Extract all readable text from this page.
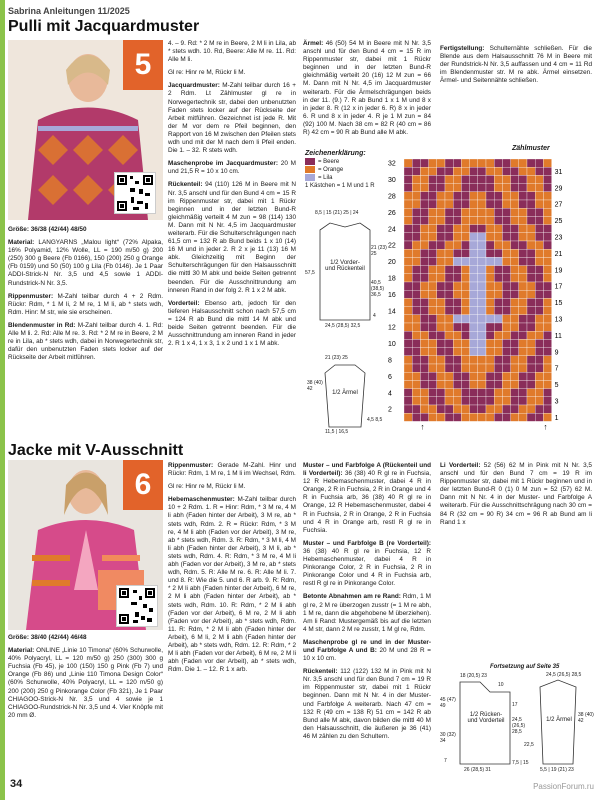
Sabrina Anleitungen 11/2025
Pulli mit Jacquardmuster
5

Größe: 36/38 (42/44) 48/50

Material: LANGYARNS „Malou light“ (72% Alpaka, 16% Polyamid, 12% Wolle, LL = 190 m/50 g) 200 (250) 300 g Beere (Fb 0166), 150 (200) 250 g Orange (Fb 0159) und 50 (50) 100 g Lila (Fb 0146). Je 1 Paar ADDI-Strick-N Nr. 3,5 und 4,5 sowie 1 ADDI-Rundstrick-N Nr. 3,5.

Rippenmuster: M-Zahl teilbar durch 4 + 2 Rdm. Rückr: Rdm, * 1 M li, 2 M re, 1 M li, ab * stets wdh, Rdm. Hinr: M str, wie sie erscheinen.

Blendenmuster in Rd: M-Zahl teilbar durch 4. 1. Rd: Alle M li. 2. Rd: Alle M re. 3. Rd: * 2 M re in Beere, 2 M re in Lila, ab * stets wdh, dabei in Norwegertechnik str, dafür den unbenutzten Faden stets locker auf der Rückseite der Arbeit mitführen.

4. – 9. Rd: * 2 M re in Beere, 2 M li in Lila, ab * stets wdh. 10. Rd, Beere: Alle M re. 11. Rd: Alle M li.

Gl re: Hinr re M, Rückr li M.

Jacquardmuster: M-Zahl teilbar durch 16 + 2 Rdm. Lt Zählmuster gl re in Norwegertechnik str, dabei den unbenutzten Faden stets locker auf der Rückseite der Arbeit mitführen. Gezeichnet ist jede R. Mit der M vor dem re Pfeil beginnen, den Rapport von 16 M zwischen den Pfeilen stets wdh und mit der M nach dem li Pfeil enden. Die 1. – 32. R stets wdh.

Maschenprobe im Jacquardmuster: 20 M und 21,5 R = 10 x 10 cm.

Rückenteil: 94 (110) 126 M in Beere mit N Nr. 3,5 anschl und für den Bund 4 cm = 15 R im Rippenmuster str, dabei mit 1 Rückr beginnen und in der letzten Bund-R gleichmäßig verteilt 4 M zun = 98 (114) 130 M. Dann mit N Nr. 4,5 im Jacquardmuster weiterarb. Für die Schulterschrägungen nach 61,5 cm = 132 R ab Bund beids 1 x 10 (14) 16 M und in jeder 2. R 2 x je 11 (13) 16 M abk. Gleichzeitig mit Beginn der Schulterschrägungen für den Halsausschnitt die mittl 30 M abk und beide Seiten getrennt beenden. Für die Ausschnittrundung am inneren Rand in der folg 2. R 1 x 2 M abk.

Vorderteil: Ebenso arb, jedoch für den tieferen Halsausschnitt schon nach 57,5 cm = 124 R ab Bund die mittl 14 M abk und beide Seiten getrennt beenden. Für die Ausschnittrundung am inneren Rand in jeder 2. R 1 x 4, 1 x 3, 1 x 2 und 1 x 1 M abk.

Ärmel: 46 (50) 54 M in Beere mit N Nr. 3,5 anschl und für den Bund 4 cm = 15 R im Rippenmuster str, dabei mit 1 Rückr beginnen und in der letzten Bund-R gleichmäßig verteilt 20 (16) 12 M zun = 66 M. Dann mit N Nr. 4,5 im Jacquardmuster weiterarb. Für die Ärmelschrägungen beids in der 11. (9.) 7. R ab Bund 1 x 1 M und 8 x in jeder 8. R (12 x in jeder 6. R) 8 x in jeder 6. R und 8 x in jeder 4. R je 1 M zun = 84 (92) 100 M. Nach 38 cm = 82 R (40 cm = 86 R) 42 cm = 90 R ab Bund alle M abk.

Fertigstellung: Schulternähte schließen. Für die Blende aus dem Halsausschnitt 76 M in Beere mit der Rundstrick-N Nr. 3,5 auffassen und 4 cm = 11 Rd im Blendenmuster str. M re abk. Ärmel einsetzen. Ärmel- und Seitennähte schließen.

Zeichenerklärung:
= Beere
= Orange
= Lila
1 Kästchen = 1 M und 1 R
1/2 Vorder- und Rückenteil
1/2 Ärmel
8,5 | 15 (21) 25 | 24
57,5
40,5 (38,5) 36,5
21 (23) 25
24,5 (28,5) 32,5
4
21 (23) 25
38 (40) 42
11,5 | 16,5
4,5 8,5
Zählmuster
1
2
3
4
5
6
7
8
9
10
11
12
13
14
15
16
17
18
19
20
21
22
23
24
25
26
27
28
29
30
31
32
↑	↑
Jacke mit V-Ausschnitt
6

Größe: 38/40 (42/44) 46/48

Material: ONLINE „Linie 10 Timona“ (60% Schurwolle, 40% Polyacryl, LL = 120 m/50 g) 250 (300) 300 g Fuchsia (Fb 45), je 100 (150) 150 g Pink (Fb 7) und Orange (Fb 86) und „Linie 110 Timona Design Color“ (60% Schurwolle, 40% Polyacryl, LL = 120 m/50 g) 200 (200) 250 g Pinkorange Color (Fb 321), Je 1 Paar CHIAGOO-Strick-N Nr. 3,5 und 4 sowie je 1 CHIAGOO-Rundstrick-N Nr. 3,5 und 4. Vier Knöpfe mit 20 mm Ø.

Rippenmuster: Gerade M-Zahl. Hinr und Rückr: Rdm, 1 M re, 1 M li im Wechsel, Rdm.

Gl re: Hinr re M, Rückr li M.

Hebemaschenmuster: M-Zahl teilbar durch 10 + 2 Rdm. 1. R = Hinr: Rdm, * 3 M re, 4 M li abh (Faden hinter der Arbeit), 3 M re, ab * stets wdh, Rdm. 2. R = Rückr: Rdm, * 3 M re, 4 M li abh (Faden vor der Arbeit), 3 M re, ab * stets wdh, Rdm. 3. R: Rdm, * 3 M li, 4 M li abh (Faden hinter der Arbeit), 3 M li, ab * stets wdh, Rdm. 4. R: Rdm, * 3 M re, 4 M li abh (Faden vor der Arbeit), 3 M re, ab * stets wdh, Rdm. 5. R: Alle M re. 6. R: Alle M li. 7. und 8. R: Wie die 5. und 6. R arb. 9. R: Rdm, * 2 M li abh (Faden hinter der Arbeit), 6 M re, 2 M li abh (Faden hinter der Arbeit), ab * stets wdh, Rdm. 10. R: Rdm, * 2 M li abh (Faden vor der Arbeit), 6 M re, 2 M li abh (Faden vor der Arbeit), ab * stets wdh, Rdm. 11. R: Rdm, * 2 M li abh (Faden hinter der Arbeit), 6 M li, 2 M li abh (Faden hinter der Arbeit), ab * stets wdh, Rdm. 12. R: Rdm, * 2 M li abh (Faden vor der Arbeit), 6 M re, 2 M li abh (Faden vor der Arbeit), ab * stets wdh, Rdm. Die 1. – 12. R 1 x arb.

Muster – und Farbfolge A (Rückenteil und li Vorderteil): 36 (38) 40 R gl re in Fuchsia, 12 R Hebemaschenmuster, dabei 4 R in Orange, 2 R in Fuchsia, 2 R in Orange und 4 R in Fuchsia arb, 36 (38) 40 R gl re in Orange, 12 R Hebemaschenmuster, dabei 4 R in Fuchsia, 2 R in Orange, 2 R in Fuchsia und 4 R in Orange arb, restl R gl re in Fuchsia.

Muster – und Farbfolge B (re Vorderteil): 36 (38) 40 R gl re in Fuchsia, 12 R Hebemaschenmuster, dabei 4 R in Pinkorange Color, 2 R in Fuchsia, 2 R in Pinkorange Color und 4 R in Fuchsia arb, restl R gl re in Pinkorange Color.

Betonte Abnahmen am re Rand: Rdm, 1 M gl re, 2 M re überzogen zusstr (= 1 M re abh, 1 M re, dann die abgehobene M überziehen). Am li Rand: Mustergemäß bis auf die letzten 4 M str, dann 2 M re zusstr, 1 M gl re, Rdm.

Maschenprobe gl re und in der Muster- und Farbfolge A und B: 20 M und 28 R = 10 x 10 cm.

Rückenteil: 112 (122) 132 M in Pink mit N Nr. 3,5 anschl und für den Bund 7 cm = 19 R im Rippenmuster str, dabei mit 1 Rückr beginnen. Dann mit N Nr. 4 in der Muster- und Farbfolge A weiterarb. Nach 47 cm = 132 R (49 cm = 138 R) 51 cm = 142 R ab Bund alle M abk, davon bilden die mittl 40 M den Halsausschnitt, die äußeren je 36 (41) 46 M zählen zu den Schultern.

Li Vorderteil: 52 (56) 62 M in Pink mit N Nr. 3,5 anschl und für den Bund 7 cm = 19 R im Rippenmuster str, dabei mit 1 Rückr beginnen und in der letzten Bund-R 0 (1) 0 M zun = 52 (57) 62 M. Dann mit N Nr. 4 in der Muster- und Farbfolge A weiterarb. Für die Ausschnittschrägung nach 30 cm = 84 R (32 cm = 90 R) 34 cm = 96 R ab Bund am li Rand 1 x

Fortsetzung auf Seite 35
1/2 Rücken- und Vorderteil	1/2 Ärmel
18 (20,5) 23
10
45 (47) 49	17
24,5 (26,5) 28,5
30 (32) 34
7
26 (28,5) 31
24,5 (26,5) 28,5
38 (40) 42
22,5
5,5 | 19 (21) 23
7,5 | 15
34	PassionForum.ru
